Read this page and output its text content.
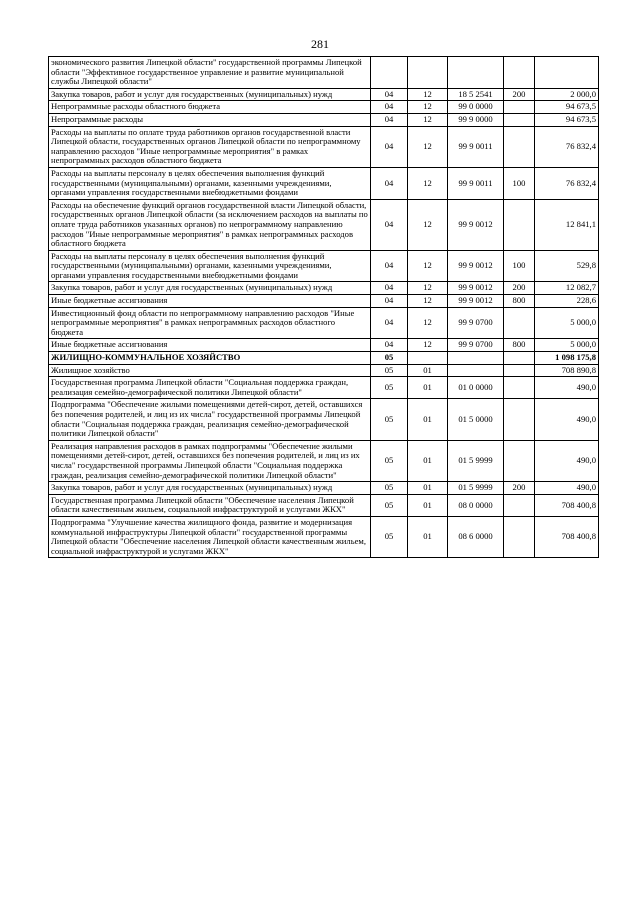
281
экономического развития Липецкой области" государственной программы Липецкой области "Эффективное государственное управление и развитие муниципальной службы Липецкой области"					
Закупка товаров, работ и услуг для государственных (муниципальных) нужд	04	12	18 5 2541	200	2 000,0
Непрограммные расходы областного бюджета	04	12	99 0 0000		94 673,5
Непрограммные расходы	04	12	99 9 0000		94 673,5
Расходы на выплаты по оплате труда работников органов государственной власти Липецкой области, государственных органов Липецкой области по непрограммному направлению расходов "Иные непрограммные мероприятия" в рамках непрограммных расходов областного бюджета	04	12	99 9 0011		76 832,4
Расходы на выплаты персоналу в целях обеспечения выполнения функций государственными (муниципальными) органами, казенными учреждениями, органами управления государственными внебюджетными фондами	04	12	99 9 0011	100	76 832,4
Расходы на обеспечение функций органов государственной власти Липецкой области, государственных органов Липецкой области (за исключением расходов на выплаты по оплате труда работников указанных органов) по непрограммному направлению расходов "Иные непрограммные мероприятия" в рамках непрограммных расходов областного бюджета	04	12	99 9 0012		12 841,1
Расходы на выплаты персоналу в целях обеспечения выполнения функций государственными (муниципальными) органами, казенными учреждениями, органами управления государственными внебюджетными фондами	04	12	99 9 0012	100	529,8
Закупка товаров, работ и услуг для государственных (муниципальных) нужд	04	12	99 9 0012	200	12 082,7
Иные бюджетные ассигнования	04	12	99 9 0012	800	228,6
Инвестиционный фонд области по непрограммному направлению расходов "Иные непрограммные мероприятия" в рамках непрограммных расходов областного бюджета	04	12	99 9 0700		5 000,0
Иные бюджетные ассигнования	04	12	99 9 0700	800	5 000,0
ЖИЛИЩНО-КОММУНАЛЬНОЕ ХОЗЯЙСТВО	05				1 098 175,8
Жилищное хозяйство	05	01			708 890,8
Государственная программа Липецкой области "Социальная поддержка граждан, реализация семейно-демографической политики Липецкой области"	05	01	01 0 0000		490,0
Подпрограмма "Обеспечение жилыми помещениями детей-сирот, детей, оставшихся без попечения родителей, и лиц из их числа" государственной программы Липецкой области "Социальная поддержка граждан, реализация семейно-демографической политики Липецкой области"	05	01	01 5 0000		490,0
Реализация направления расходов в рамках подпрограммы "Обеспечение жилыми помещениями детей-сирот, детей, оставшихся без попечения родителей, и лиц из их числа" государственной программы Липецкой области "Социальная поддержка граждан, реализация семейно-демографической политики Липецкой области"	05	01	01 5 9999		490,0
Закупка товаров, работ и услуг для государственных (муниципальных) нужд	05	01	01 5 9999	200	490,0
Государственная программа Липецкой области "Обеспечение населения Липецкой области качественным жильем, социальной инфраструктурой и услугами ЖКХ"	05	01	08 0 0000		708 400,8
Подпрограмма "Улучшение качества жилищного фонда, развитие и модернизация коммунальной инфраструктуры Липецкой области" государственной программы Липецкой области "Обеспечение населения Липецкой области качественным жильем, социальной инфраструктурой и услугами ЖКХ"	05	01	08 6 0000		708 400,8
